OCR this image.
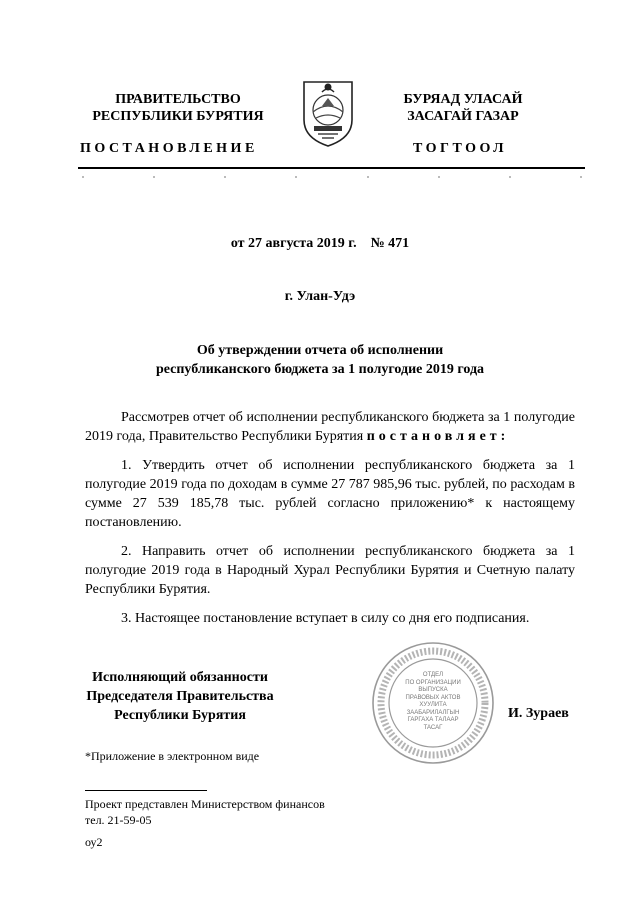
ПРАВИТЕЛЬСТВО
РЕСПУБЛИКИ БУРЯТИЯ
ПОСТАНОВЛЕНИЕ
БУРЯАД УЛАСАЙ
ЗАСАГАЙ ГАЗАР
ТОГТООЛ
от 27 августа 2019 г.    № 471
г. Улан-Удэ
Об утверждении отчета об исполнении
республиканского бюджета за 1 полугодие 2019 года

Рассмотрев отчет об исполнении республиканского бюджета за 1 полугодие 2019 года, Правительство Республики Бурятия постановляет:

1. Утвердить отчет об исполнении республиканского бюджета за 1 полугодие 2019 года по доходам в сумме 27 787 985,96 тыс. рублей, по расходам в сумме 27 539 185,78 тыс. рублей согласно приложению* к настоящему постановлению.

2. Направить отчет об исполнении республиканского бюджета за 1 полугодие 2019 года в Народный Хурал Республики Бурятия и Счетную палату Республики Бурятия.

3. Настоящее постановление вступает в силу со дня его подписания.

Исполняющий обязанности
Председателя Правительства
Республики Бурятия	И. Зураев
ОТДЕЛ
ПО ОРГАНИЗАЦИИ
ВЫПУСКА
ПРАВОВЫХ АКТОВ
ХУУЛИТА
ЗААБАРИЛАЛГЫН
ГАРГАХА ТАЛААР
ТАСАГ
*Приложение в электронном виде
Проект представлен Министерством финансов
тел. 21-59-05
оу2
